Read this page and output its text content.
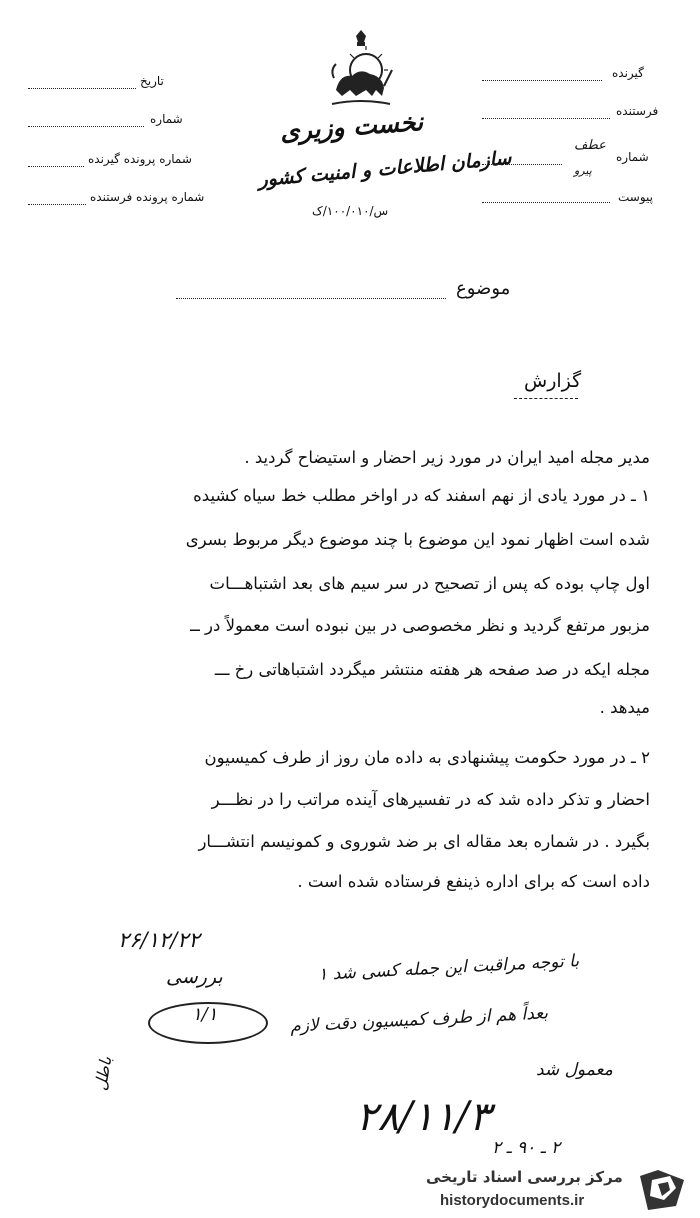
تاریخ
شماره
شماره پرونده گیرنده
شماره پرونده فرستنده
نخست وزیری
سازمان اطلاعات و امنیت کشور
س/۱۰۰/۰۱۰/ک
گیرنده
فرستنده
عطف
پیرو
شماره
پیوست
موضوع
گزارش
مدیر مجله امید ایران در مورد زیر احضار و استیضاح گردید .
۱ ـ در مورد یادی از نهم اسفند که در اواخر مطلب خط سیاه کشیده
شده است اظهار نمود این موضوع با چند موضوع دیگر مربوط بسری
اول چاپ بوده که پس از تصحیح در سر سیم های بعد اشتباهـــات
مزبور مرتفع گردید و نظر مخصوصی در بین نبوده است معمولاً در ــ
مجله ایکه در صد صفحه هر هفته منتشر میگردد اشتباهاتی رخ ـــ
میدهد .
۲ ـ در مورد حکومت پیشنهادی به داده مان روز از طرف کمیسیون
احضار و تذکر داده شد که در تفسیرهای آینده مراتب را در نظـــر
بگیرد . در شماره بعد مقاله ای بر ضد شوروی و کمونیسم انتشـــار
داده است که برای اداره ذینفع فرستاده شده است .
۲۶/۱۲/۲۲
بررسی
۱/۱
با توجه مراقبت این جمله کسی شد ۱
بعداً هم از طرف کمیسیون دقت لازم
معمول شد
۲۸/۱۱/۳
۲ ـ ۹۰ ـ ۲
باطل
مرکز بررسی اسناد تاریخی
historydocuments.ir
